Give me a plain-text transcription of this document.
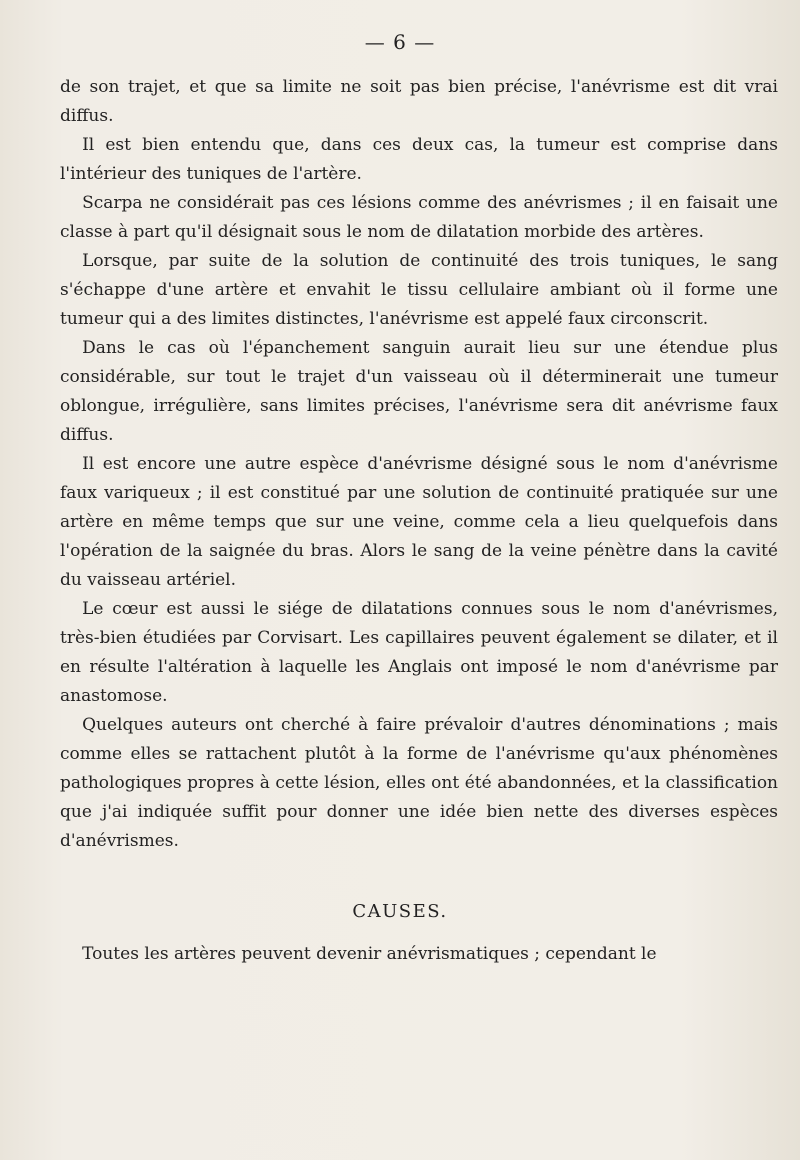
— 6 —

de son trajet, et que sa limite ne soit pas bien précise, l'anévrisme est dit vrai diffus.

Il est bien entendu que, dans ces deux cas, la tumeur est comprise dans l'intérieur des tuniques de l'artère.

Scarpa ne considérait pas ces lésions comme des anévrismes ; il en faisait une classe à part qu'il désignait sous le nom de dilatation morbide des artères.

Lorsque, par suite de la solution de continuité des trois tuniques, le sang s'échappe d'une artère et envahit le tissu cellulaire ambiant où il forme une tumeur qui a des limites distinctes, l'anévrisme est appelé faux circonscrit.

Dans le cas où l'épanchement sanguin aurait lieu sur une étendue plus considérable, sur tout le trajet d'un vaisseau où il déterminerait une tumeur oblongue, irrégulière, sans limites précises, l'anévrisme sera dit anévrisme faux diffus.

Il est encore une autre espèce d'anévrisme désigné sous le nom d'anévrisme faux variqueux ; il est constitué par une solution de continuité pratiquée sur une artère en même temps que sur une veine, comme cela a lieu quelquefois dans l'opération de la saignée du bras. Alors le sang de la veine pénètre dans la cavité du vaisseau artériel.

Le cœur est aussi le siége de dilatations connues sous le nom d'anévrismes, très-bien étudiées par Corvisart. Les capillaires peuvent également se dilater, et il en résulte l'altération à laquelle les Anglais ont imposé le nom d'anévrisme par anastomose.

Quelques auteurs ont cherché à faire prévaloir d'autres dénominations ; mais comme elles se rattachent plutôt à la forme de l'anévrisme qu'aux phénomènes pathologiques propres à cette lésion, elles ont été abandonnées, et la classification que j'ai indiquée suffit pour donner une idée bien nette des diverses espèces d'anévrismes.

CAUSES.
Toutes les artères peuvent devenir anévrismatiques ; cependant le
